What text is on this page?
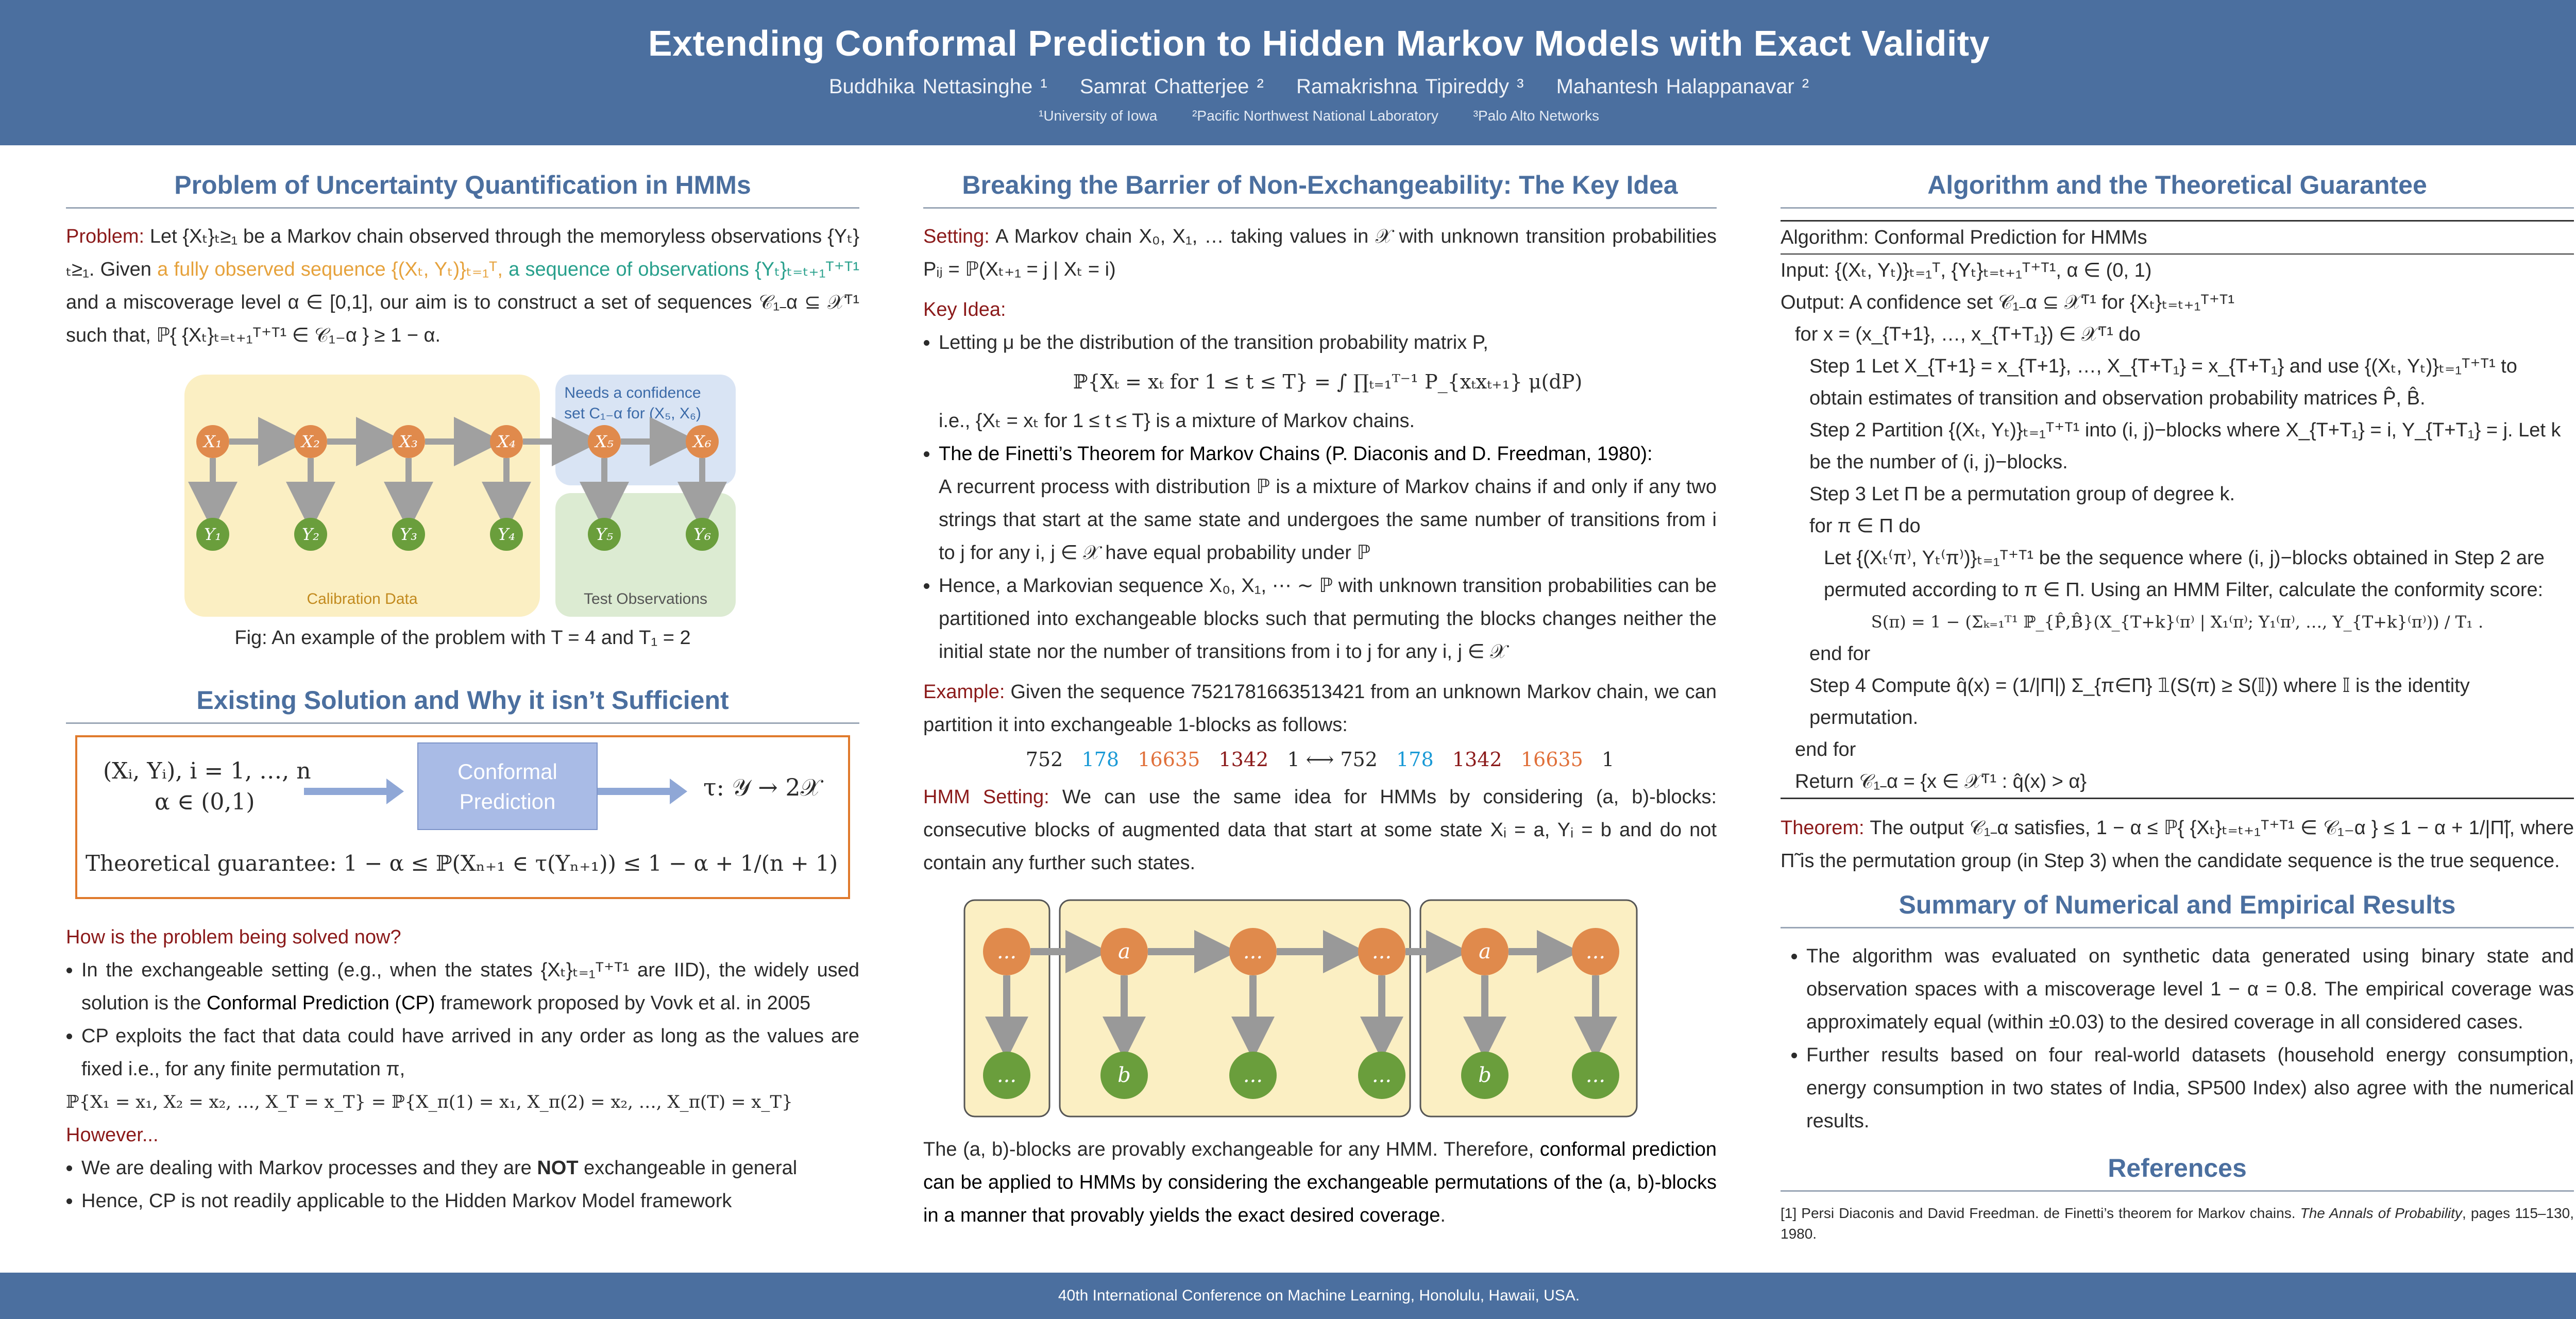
Extending Conformal Prediction to Hidden Markov Models with Exact Validity
Buddhika Nettasinghe ¹ Samrat Chatterjee ² Ramakrishna Tipireddy ³ Mahantesh Halappanavar ²
¹University of Iowa ²Pacific Northwest National Laboratory ³Palo Alto Networks
Problem of Uncertainty Quantification in HMMs

Problem: Let {Xₜ}ₜ≥₁ be a Markov chain observed through the memoryless observations {Yₜ}ₜ≥₁. Given a fully observed sequence {(Xₜ, Yₜ)}ₜ₌₁ᵀ, a sequence of observations {Yₜ}ₜ₌ₜ₊₁ᵀ⁺ᵀ¹ and a miscoverage level α ∈ [0,1], our aim is to construct a set of sequences 𝒞₁₋α ⊆ 𝒳ᵀ¹ such that, ℙ{ {Xₜ}ₜ₌ₜ₊₁ᵀ⁺ᵀ¹ ∈ 𝒞₁₋α } ≥ 1 − α.

Needs a confidence
set C₁₋α for (X₅, X₆)
X₁
Y₁
X₂
Y₂
X₃
Y₃
X₄
Y₄
X₅
Y₅
X₆
Y₆
Calibration Data	Test Observations
Fig: An example of the problem with T = 4 and T₁ = 2
Existing Solution and Why it isn’t Sufficient
(Xᵢ, Yᵢ), i = 1, …, n
α ∈ (0,1)
Conformal
Prediction
τ: 𝒴 → 2𝒳
Theoretical guarantee: 1 − α ≤ ℙ(Xₙ₊₁ ∈ τ(Yₙ₊₁)) ≤ 1 − α + 1/(n + 1)

How is the problem being solved now?

• In the exchangeable setting (e.g., when the states {Xₜ}ₜ₌₁ᵀ⁺ᵀ¹ are IID), the widely used solution is the Conformal Prediction (CP) framework proposed by Vovk et al. in 2005
• CP exploits the fact that data could have arrived in any order as long as the values are fixed i.e., for any finite permutation π,

ℙ{X₁ = x₁, X₂ = x₂, …, X_T = x_T} = ℙ{X_π(1) = x₁, X_π(2) = x₂, …, X_π(T) = x_T}

However...

• We are dealing with Markov processes and they are NOT exchangeable in general
• Hence, CP is not readily applicable to the Hidden Markov Model framework
Breaking the Barrier of Non-Exchangeability: The Key Idea

Setting: A Markov chain X₀, X₁, … taking values in 𝒳 with unknown transition probabilities Pᵢⱼ = ℙ(Xₜ₊₁ = j | Xₜ = i)

Key Idea:

• Letting μ be the distribution of the transition probability matrix P,
ℙ{Xₜ = xₜ for 1 ≤ t ≤ T} = ∫ ∏ₜ₌₁ᵀ⁻¹ P_{xₜxₜ₊₁} μ(dP)
i.e., {Xₜ = xₜ for 1 ≤ t ≤ T} is a mixture of Markov chains.
• The de Finetti’s Theorem for Markov Chains (P. Diaconis and D. Freedman, 1980):
A recurrent process with distribution ℙ is a mixture of Markov chains if and only if any two strings that start at the same state and undergoes the same number of transitions from i to j for any i, j ∈ 𝒳 have equal probability under ℙ
• Hence, a Markovian sequence X₀, X₁, ⋯ ∼ ℙ with unknown transition probabilities can be partitioned into exchangeable blocks such that permuting the blocks changes neither the initial state nor the number of transitions from i to j for any i, j ∈ 𝒳

Example: Given the sequence 75217816635134​21 from an unknown Markov chain, we can partition it into exchangeable 1-blocks as follows:

752 178 16635 1342 1 ⟷ 752 178 1342 16635 1

HMM Setting: We can use the same idea for HMMs by considering (a, b)-blocks: consecutive blocks of augmented data that start at some state Xᵢ = a, Yᵢ = b and do not contain any further such states.

...
...
a
b
...
...
...
...
a
b
...
...

The (a, b)-blocks are provably exchangeable for any HMM. Therefore, conformal prediction can be applied to HMMs by considering the exchangeable permutations of the (a, b)-blocks in a manner that provably yields the exact desired coverage.

Algorithm and the Theoretical Guarantee
Algorithm: Conformal Prediction for HMMs
Input: {(Xₜ, Yₜ)}ₜ₌₁ᵀ, {Yₜ}ₜ₌ₜ₊₁ᵀ⁺ᵀ¹, α ∈ (0, 1)
Output: A confidence set 𝒞₁₋α ⊆ 𝒳ᵀ¹ for {Xₜ}ₜ₌ₜ₊₁ᵀ⁺ᵀ¹
for x = (x_{T+1}, …, x_{T+T₁}) ∈ 𝒳ᵀ¹ do
Step 1 Let X_{T+1} = x_{T+1}, …, X_{T+T₁} = x_{T+T₁} and use {(Xₜ, Yₜ)}ₜ₌₁ᵀ⁺ᵀ¹ to obtain estimates of transition and observation probability matrices P̂, B̂.
Step 2 Partition {(Xₜ, Yₜ)}ₜ₌₁ᵀ⁺ᵀ¹ into (i, j)−blocks where X_{T+T₁} = i, Y_{T+T₁} = j. Let k be the number of (i, j)−blocks.
Step 3 Let Π be a permutation group of degree k.
for π ∈ Π do
Let {(Xₜ⁽π⁾, Yₜ⁽π⁾)}ₜ₌₁ᵀ⁺ᵀ¹ be the sequence where (i, j)−blocks obtained in Step 2 are permuted according to π ∈ Π. Using an HMM Filter, calculate the conformity score:
S(π) = 1 − (Σₖ₌₁ᵀ¹ ℙ_{P̂,B̂}(X_{T+k}⁽π⁾ | X₁⁽π⁾; Y₁⁽π⁾, …, Y_{T+k}⁽π⁾)) / T₁ .
end for
Step 4 Compute q̂(x) = (1/|Π|) Σ_{π∈Π} 𝟙(S(π) ≥ S(𝕀)) where 𝕀 is the identity permutation.
end for
Return 𝒞₁₋α = {x ∈ 𝒳ᵀ¹ : q̂(x) > α}

Theorem: The output 𝒞₁₋α satisfies, 1 − α ≤ ℙ{ {Xₜ}ₜ₌ₜ₊₁ᵀ⁺ᵀ¹ ∈ 𝒞₁₋α } ≤ 1 − α + 1/|Π̃|, where Π̃ is the permutation group (in Step 3) when the candidate sequence is the true sequence.

Summary of Numerical and Empirical Results
• The algorithm was evaluated on synthetic data generated using binary state and observation spaces with a miscoverage level 1 − α = 0.8. The empirical coverage was approximately equal (within ±0.03) to the desired coverage in all considered cases.
• Further results based on four real-world datasets (household energy consumption, energy consumption in two states of India, SP500 Index) also agree with the numerical results.
References

[1] Persi Diaconis and David Freedman. de Finetti’s theorem for Markov chains. The Annals of Probability, pages 115–130, 1980.

40th International Conference on Machine Learning, Honolulu, Hawaii, USA.
